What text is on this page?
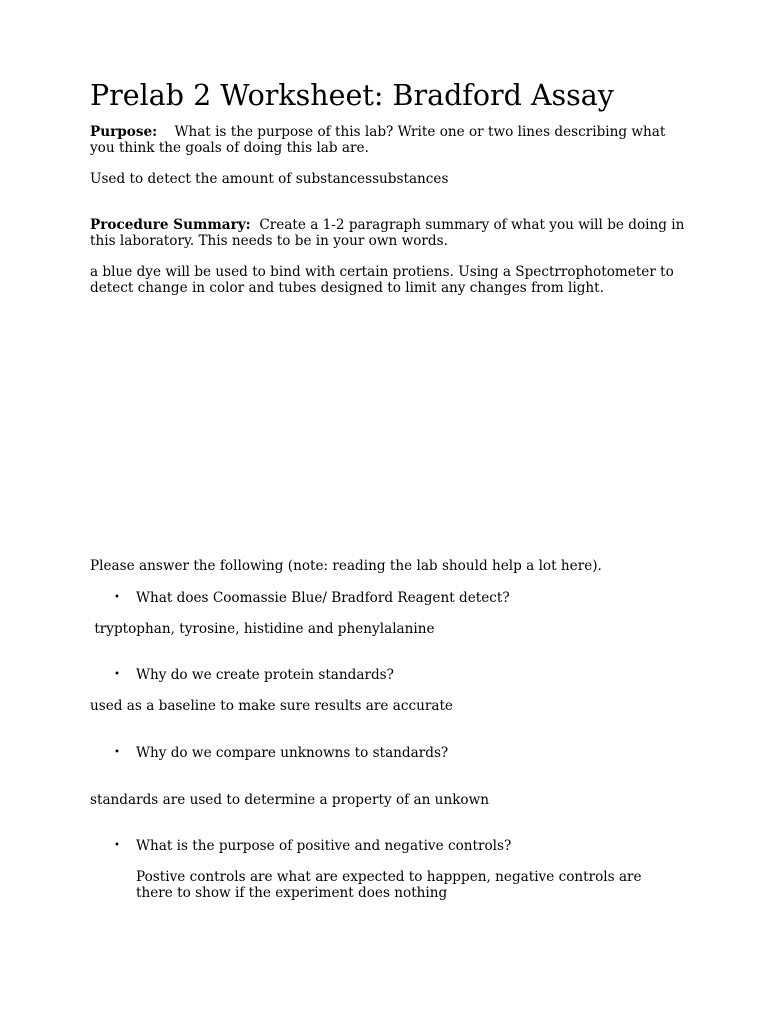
Prelab 2 Worksheet: Bradford Assay

Purpose: What is the purpose of this lab? Write one or two lines describing what you think the goals of doing this lab are.

Used to detect the amount of substancessubstances

Procedure Summary: Create a 1-2 paragraph summary of what you will be doing in this laboratory. This needs to be in your own words.

a blue dye will be used to bind with certain protiens. Using a Spectrrophotometer to detect change in color and tubes designed to limit any changes from light.

Please answer the following (note: reading the lab should help a lot here).

• What does Coomassie Blue/ Bradford Reagent detect?

tryptophan, tyrosine, histidine and phenylalanine

• Why do we create protein standards?

used as a baseline to make sure results are accurate

• Why do we compare unknowns to standards?

standards are used to determine a property of an unkown

• What is the purpose of positive and negative controls?

Postive controls are what are expected to happpen, negative controls are there to show if the experiment does nothing
